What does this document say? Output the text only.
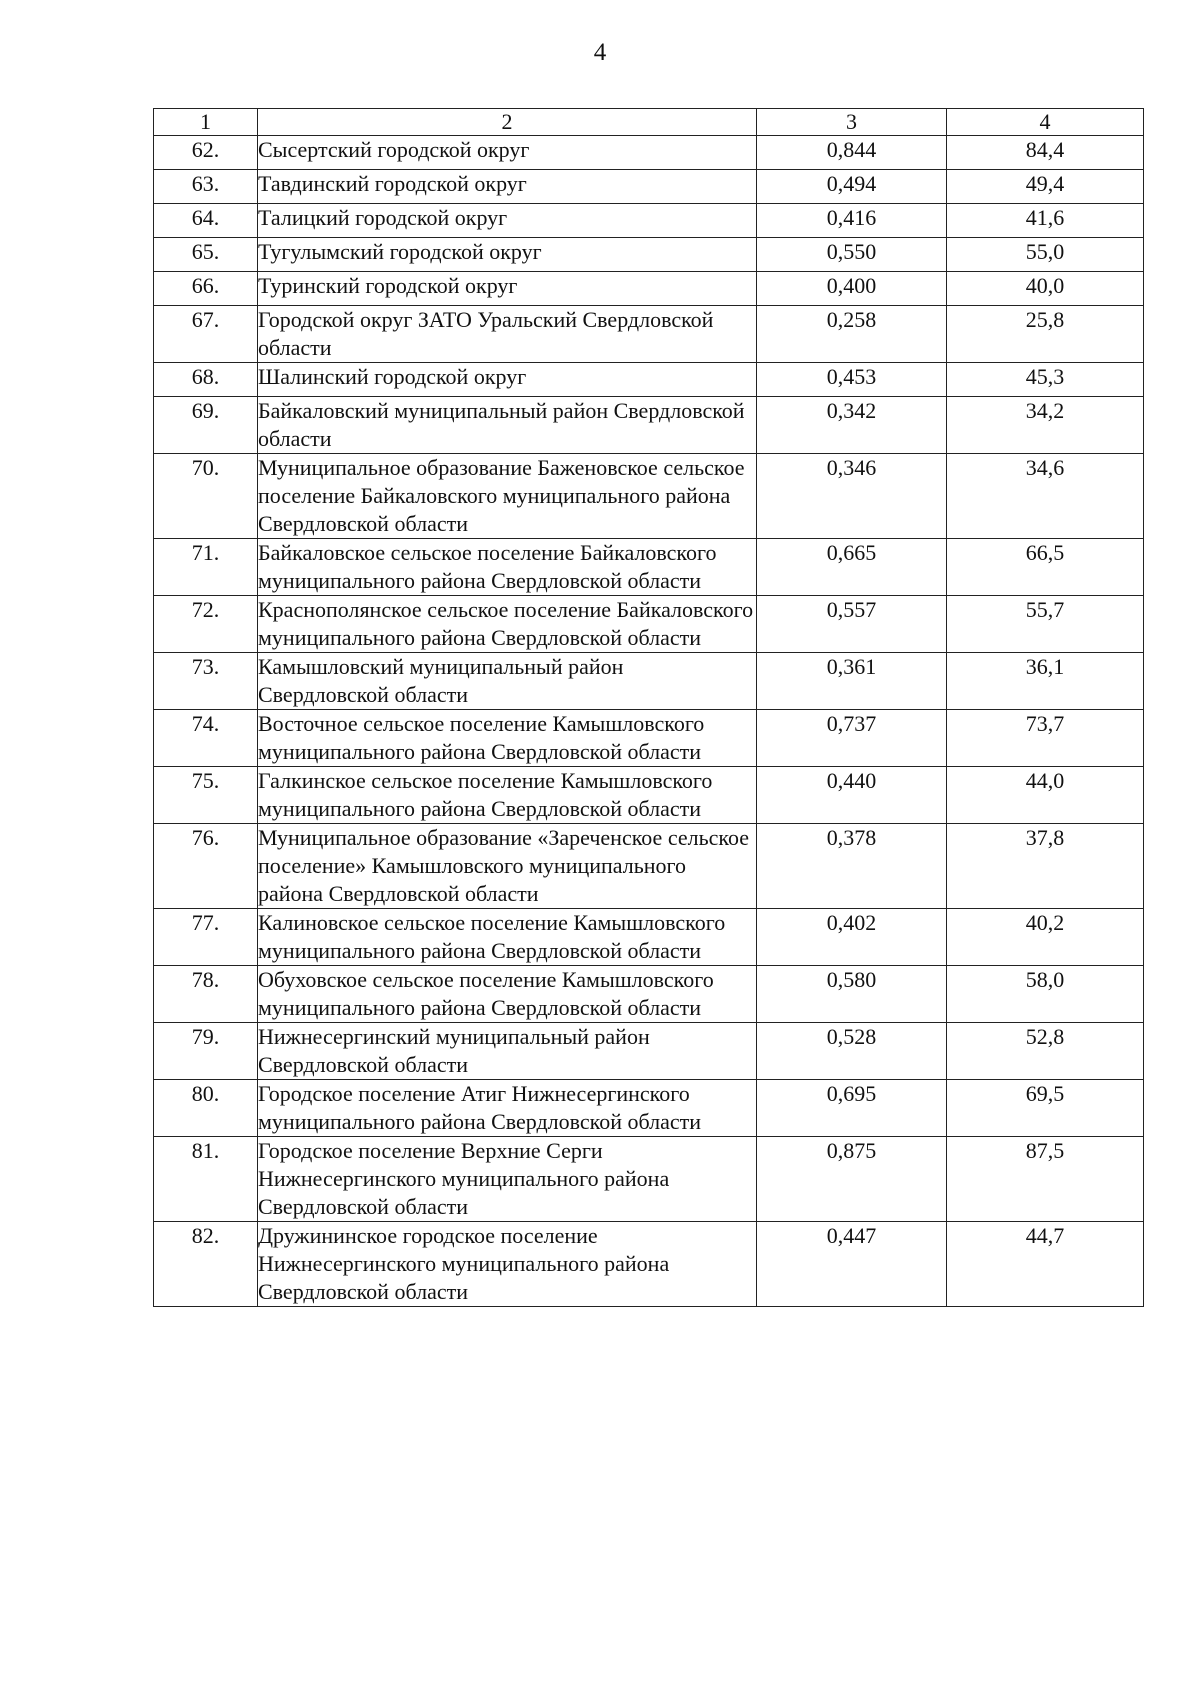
4
1	2	3	4
62.	Сысертский городской округ	0,844	84,4
63.	Тавдинский городской округ	0,494	49,4
64.	Талицкий городской округ	0,416	41,6
65.	Тугулымский городской округ	0,550	55,0
66.	Туринский городской округ	0,400	40,0
67.	Городской округ ЗАТО Уральский Свердловской области	0,258	25,8
68.	Шалинский городской округ	0,453	45,3
69.	Байкаловский муниципальный район Свердловской области	0,342	34,2
70.	Муниципальное образование Баженовское сельское поселение Байкаловского муниципального района Свердловской области	0,346	34,6
71.	Байкаловское сельское поселение Байкаловского муниципального района Свердловской области	0,665	66,5
72.	Краснополянское сельское поселение Байкаловского муниципального района Свердловской области	0,557	55,7
73.	Камышловский муниципальный район Свердловской области	0,361	36,1
74.	Восточное сельское поселение Камышловского муниципального района Свердловской области	0,737	73,7
75.	Галкинское сельское поселение Камышловского муниципального района Свердловской области	0,440	44,0
76.	Муниципальное образование «Зареченское сельское поселение» Камышловского муниципального района Свердловской области	0,378	37,8
77.	Калиновское сельское поселение Камышловского муниципального района Свердловской области	0,402	40,2
78.	Обуховское сельское поселение Камышловского муниципального района Свердловской области	0,580	58,0
79.	Нижнесергинский муниципальный район Свердловской области	0,528	52,8
80.	Городское поселение Атиг Нижнесергинского муниципального района Свердловской области	0,695	69,5
81.	Городское поселение Верхние Серги Нижнесергинского муниципального района Свердловской области	0,875	87,5
82.	Дружининское городское поселение Нижнесергинского муниципального района Свердловской области	0,447	44,7
